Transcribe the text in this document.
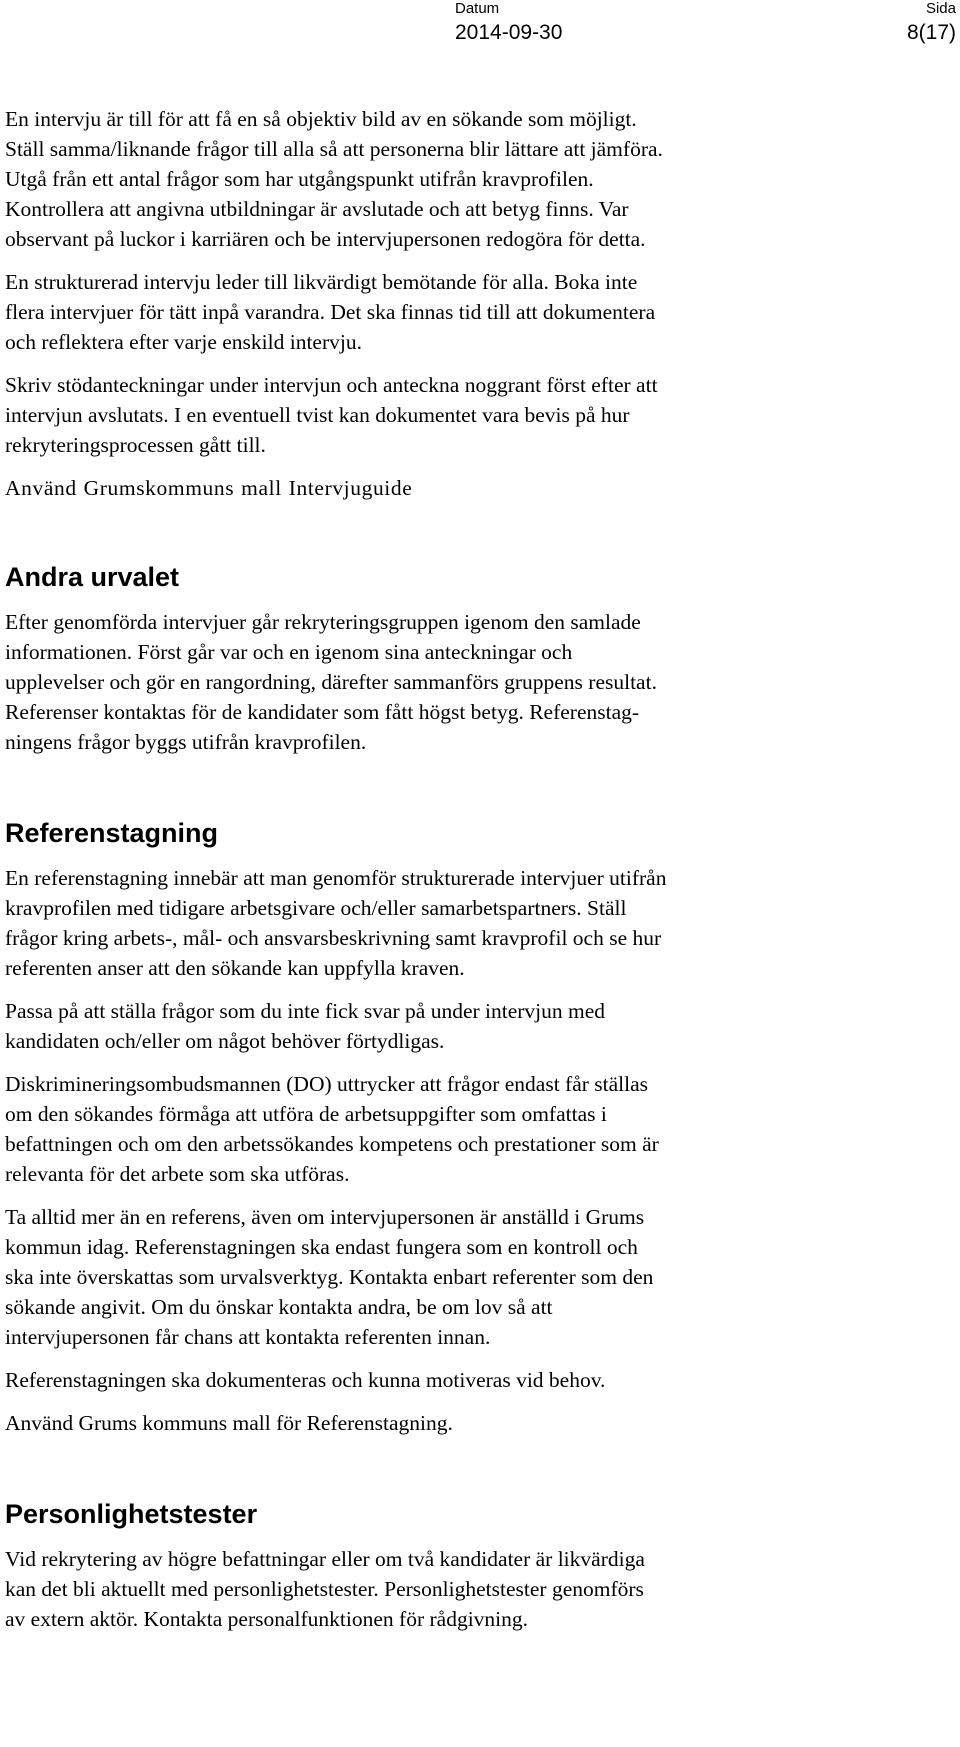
Datum
2014-09-30
Sida
8(17)

En intervju är till för att få en så objektiv bild av en sökande som möjligt.
Ställ samma/liknande frågor till alla så att personerna blir lättare att jämföra.
Utgå från ett antal frågor som har utgångspunkt utifrån kravprofilen.
Kontrollera att angivna utbildningar är avslutade och att betyg finns. Var
observant på luckor i karriären och be intervjupersonen redogöra för detta.

En strukturerad intervju leder till likvärdigt bemötande för alla. Boka inte
flera intervjuer för tätt inpå varandra. Det ska finnas tid till att dokumentera
och reflektera efter varje enskild intervju.

Skriv stödanteckningar under intervjun och anteckna noggrant först efter att
intervjun avslutats. I en eventuell tvist kan dokumentet vara bevis på hur
rekryteringsprocessen gått till.

Använd Grumskommuns mall Intervjuguide

Andra urvalet

Efter genomförda intervjuer går rekryteringsgruppen igenom den samlade
informationen. Först går var och en igenom sina anteckningar och
upplevelser och gör en rangordning, därefter sammanförs gruppens resultat.
Referenser kontaktas för de kandidater som fått högst betyg. Referenstag-
ningens frågor byggs utifrån kravprofilen.

Referenstagning

En referenstagning innebär att man genomför strukturerade intervjuer utifrån
kravprofilen med tidigare arbetsgivare och/eller samarbetspartners. Ställ
frågor kring arbets-, mål- och ansvarsbeskrivning samt kravprofil och se hur
referenten anser att den sökande kan uppfylla kraven.

Passa på att ställa frågor som du inte fick svar på under intervjun med
kandidaten och/eller om något behöver förtydligas.

Diskrimineringsombudsmannen (DO) uttrycker att frågor endast får ställas
om den sökandes förmåga att utföra de arbetsuppgifter som omfattas i
befattningen och om den arbetssökandes kompetens och prestationer som är
relevanta för det arbete som ska utföras.

Ta alltid mer än en referens, även om intervjupersonen är anställd i Grums
kommun idag. Referenstagningen ska endast fungera som en kontroll och
ska inte överskattas som urvalsverktyg. Kontakta enbart referenter som den
sökande angivit. Om du önskar kontakta andra, be om lov så att
intervjupersonen får chans att kontakta referenten innan.

Referenstagningen ska dokumenteras och kunna motiveras vid behov.

Använd Grums kommuns mall för Referenstagning.

Personlighetstester

Vid rekrytering av högre befattningar eller om två kandidater är likvärdiga
kan det bli aktuellt med personlighetstester. Personlighetstester genomförs
av extern aktör. Kontakta personalfunktionen för rådgivning.
